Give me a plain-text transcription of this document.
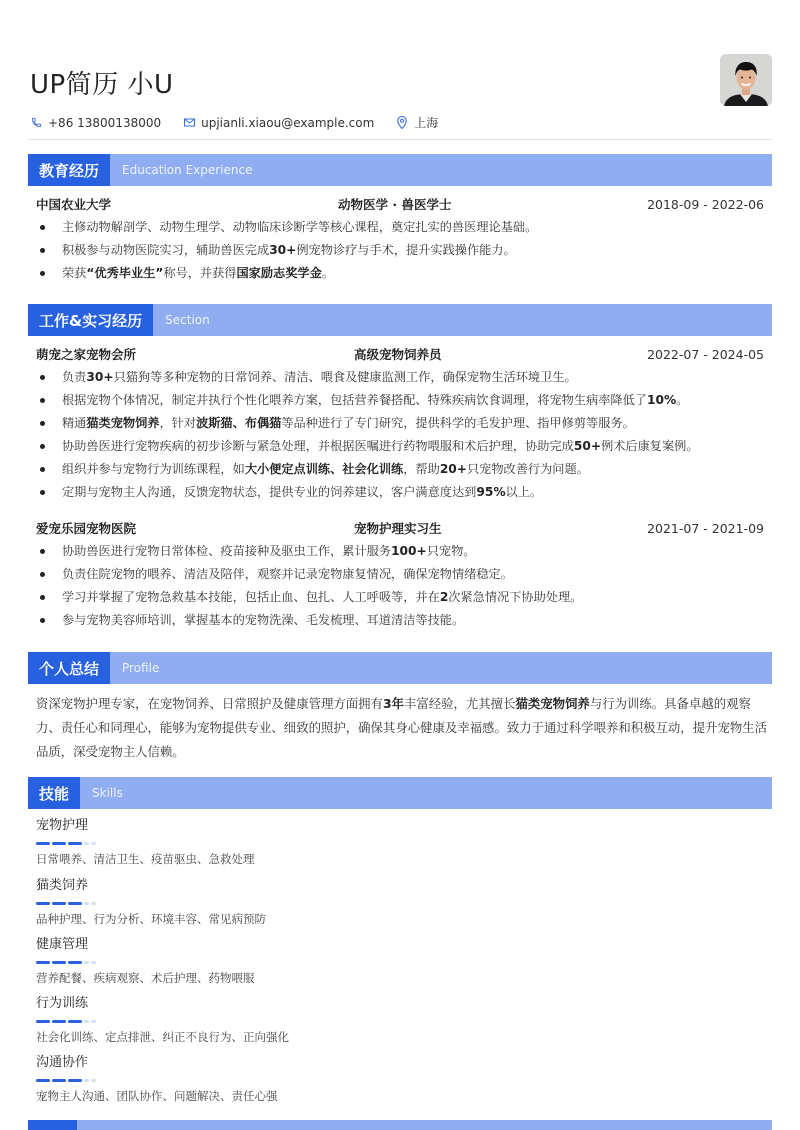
UP简历 小U
+86 13800138000	upjianli.xiaou@example.com	上海
教育经历	Education Experience
中国农业大学	动物医学 · 兽医学士	2018-09 - 2022-06
主修动物解剖学、动物生理学、动物临床诊断学等核心课程，奠定扎实的兽医理论基础。
积极参与动物医院实习，辅助兽医完成30+例宠物诊疗与手术，提升实践操作能力。
荣获“优秀毕业生”称号，并获得国家励志奖学金。
工作&实习经历	Section
萌宠之家宠物会所	高级宠物饲养员	2022-07 - 2024-05
负责30+只猫狗等多种宠物的日常饲养、清洁、喂食及健康监测工作，确保宠物生活环境卫生。
根据宠物个体情况，制定并执行个性化喂养方案，包括营养餐搭配、特殊疾病饮食调理，将宠物生病率降低了10%。
精通猫类宠物饲养，针对波斯猫、布偶猫等品种进行了专门研究，提供科学的毛发护理、指甲修剪等服务。
协助兽医进行宠物疾病的初步诊断与紧急处理，并根据医嘱进行药物喂服和术后护理，协助完成50+例术后康复案例。
组织并参与宠物行为训练课程，如大小便定点训练、社会化训练，帮助20+只宠物改善行为问题。
定期与宠物主人沟通，反馈宠物状态，提供专业的饲养建议，客户满意度达到95%以上。
爱宠乐园宠物医院	宠物护理实习生	2021-07 - 2021-09
协助兽医进行宠物日常体检、疫苗接种及驱虫工作，累计服务100+只宠物。
负责住院宠物的喂养、清洁及陪伴，观察并记录宠物康复情况，确保宠物情绪稳定。
学习并掌握了宠物急救基本技能，包括止血、包扎、人工呼吸等，并在2次紧急情况下协助处理。
参与宠物美容师培训，掌握基本的宠物洗澡、毛发梳理、耳道清洁等技能。
个人总结	Profile
资深宠物护理专家，在宠物饲养、日常照护及健康管理方面拥有3年丰富经验，尤其擅长猫类宠物饲养与行为训练。具备卓越的观察力、责任心和同理心，能够为宠物提供专业、细致的照护，确保其身心健康及幸福感。致力于通过科学喂养和积极互动，提升宠物生活品质，深受宠物主人信赖。
技能	Skills
宠物护理
日常喂养、清洁卫生、疫苗驱虫、急救处理
猫类饲养
品种护理、行为分析、环境丰容、常见病预防
健康管理
营养配餐、疾病观察、术后护理、药物喂服
行为训练
社会化训练、定点排泄、纠正不良行为、正向强化
沟通协作
宠物主人沟通、团队协作、问题解决、责任心强
